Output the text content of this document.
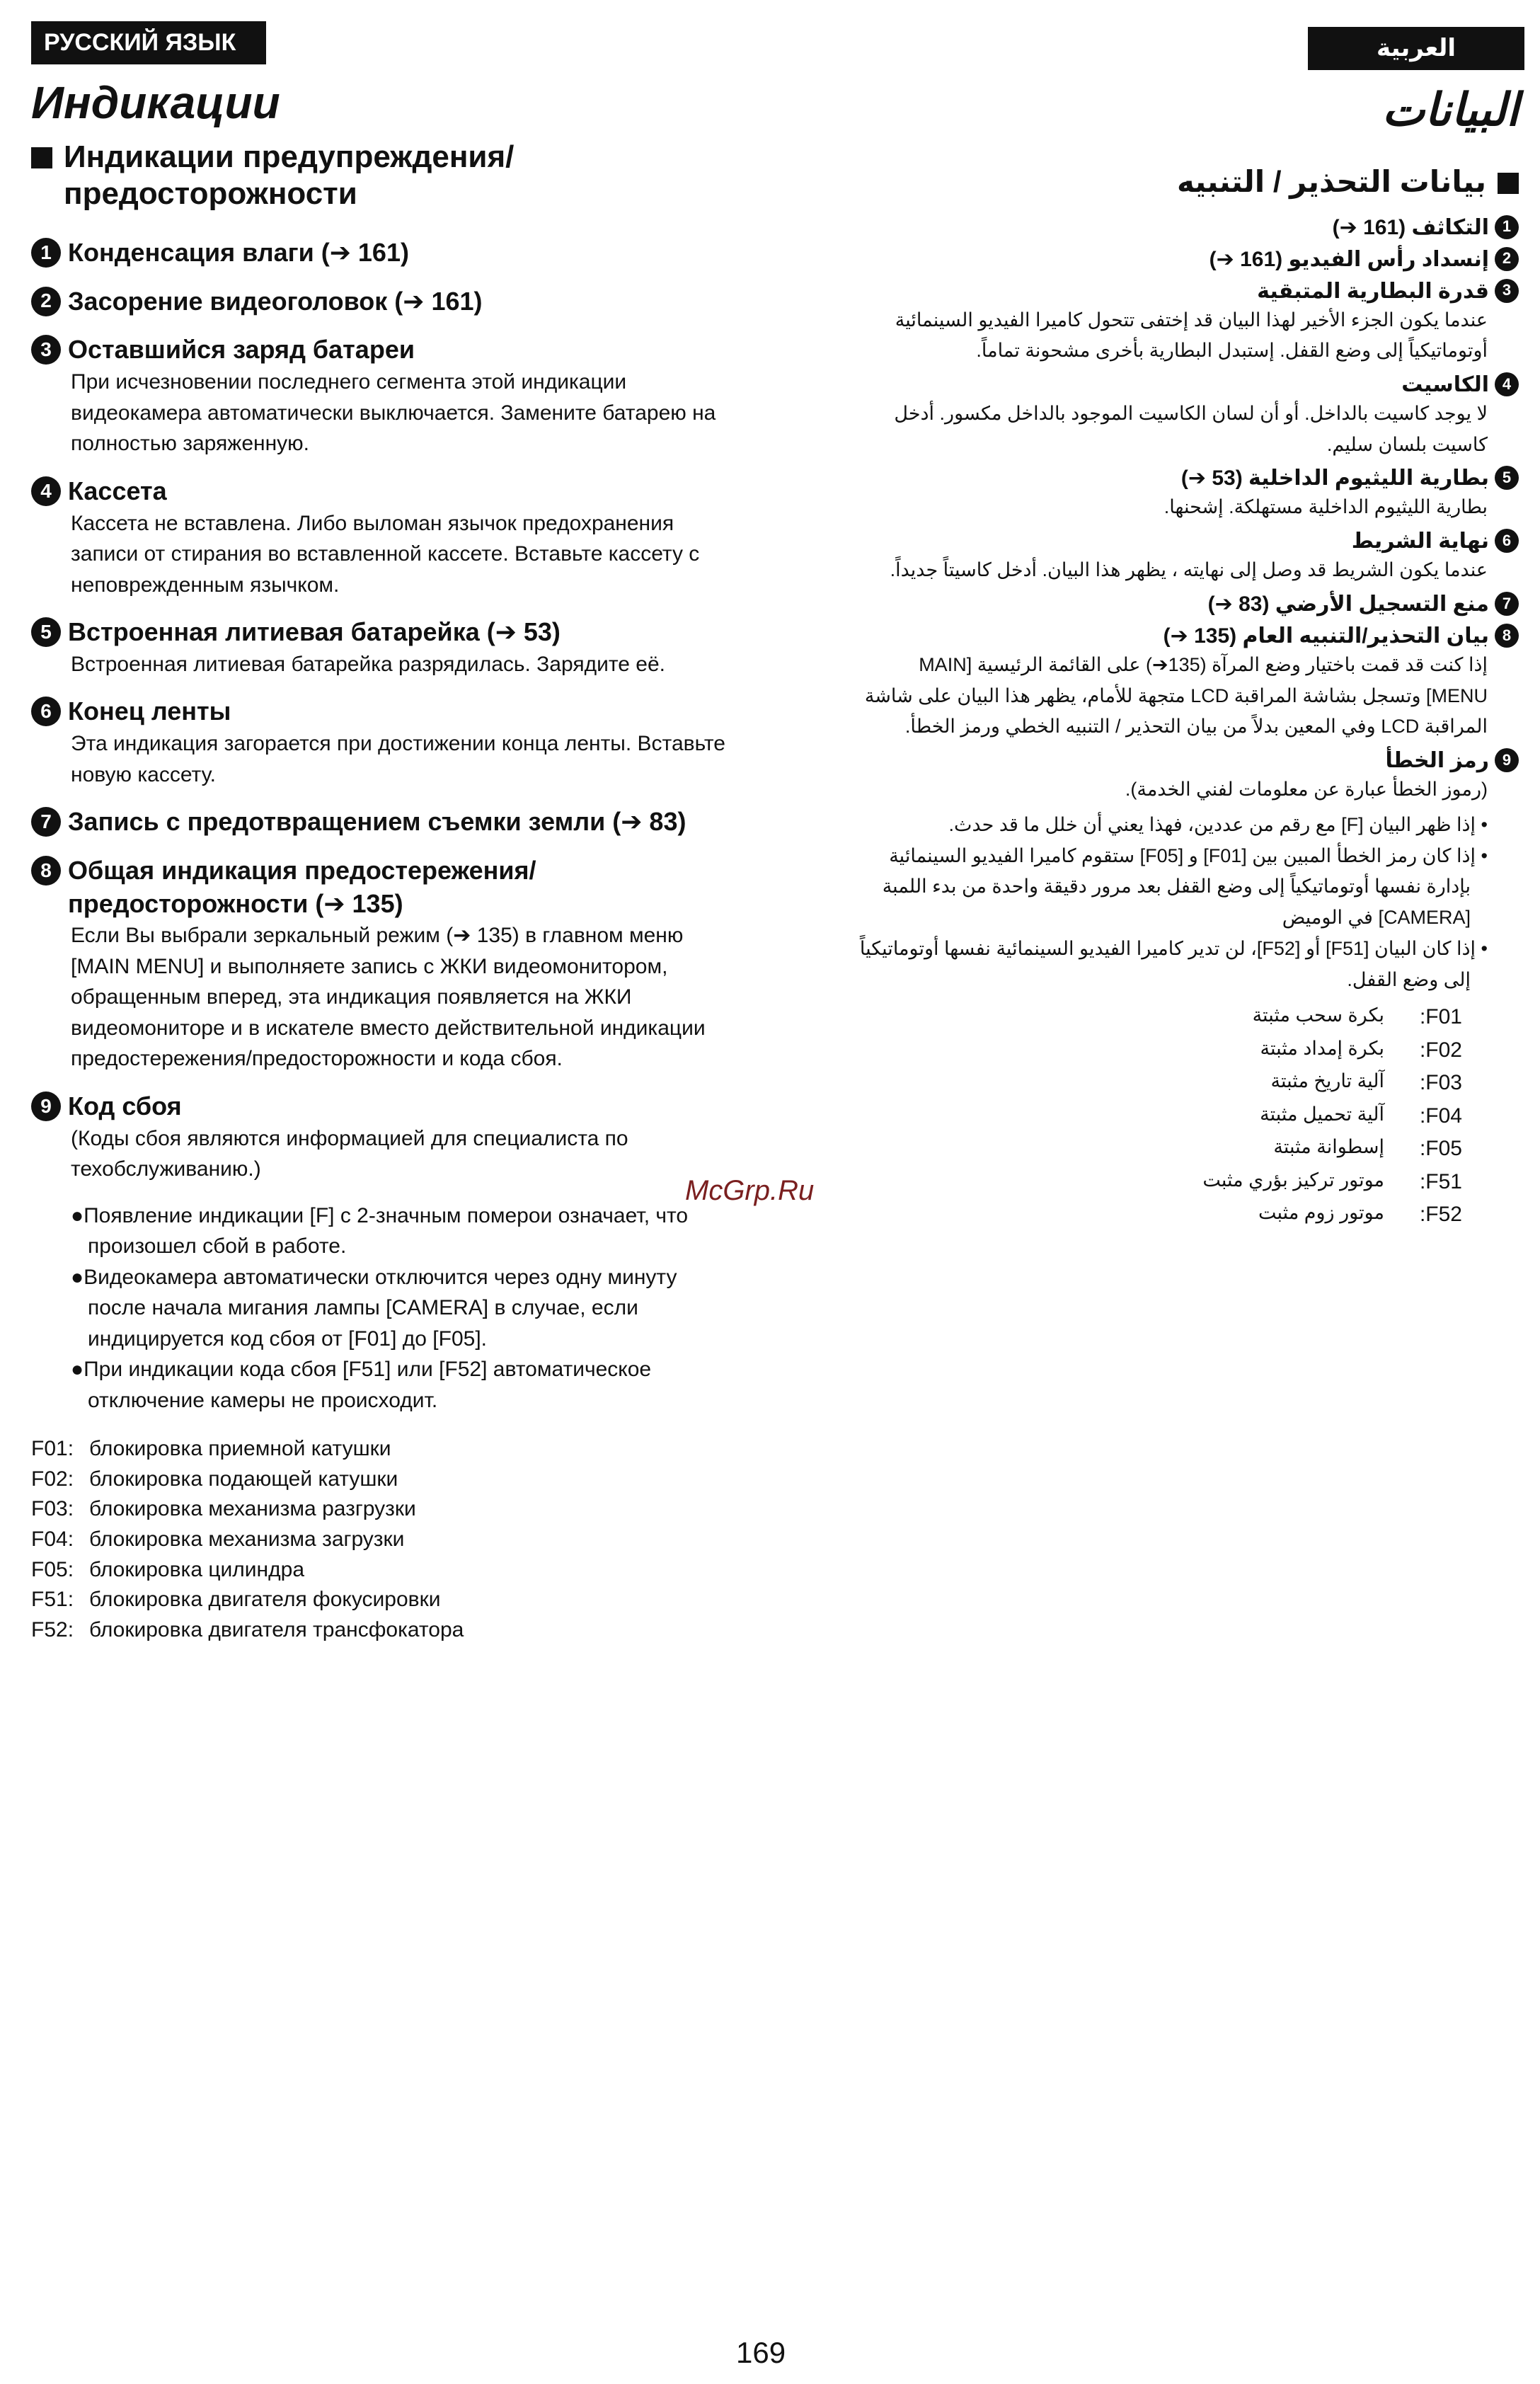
РУССКИЙ ЯЗЫК	العربية
Индикации	البيانات
Индикации предупреждения/ предосторожности
1 Конденсация влаги (➔ 161)
2 Засорение видеоголовок (➔ 161)
3 Оставшийся заряд батареи
При исчезновении последнего сегмента этой индикации видеокамера автоматически выключается. Замените батарею на полностью заряженную.
4 Кассета
Кассета не вставлена. Либо выломан язычок предохранения записи от стирания во вставленной кассете. Вставьте кассету с неповрежденным язычком.
5 Встроенная литиевая батарейка (➔ 53)
Встроенная литиевая батарейка разрядилась. Зарядите её.
6 Конец ленты
Эта индикация загорается при достижении конца ленты. Вставьте новую кассету.
7 Запись с предотвращением съемки земли (➔ 83)
8 Общая индикация предостережения/ предосторожности (➔ 135)
Если Вы выбрали зеркальный режим (➔ 135) в главном меню [MAIN MENU] и выполняете запись с ЖКИ видеомонитором, обращенным вперед, эта индикация появляется на ЖКИ видеомониторе и в искателе вместо действительной индикации предостережения/предосторожности и кода сбоя.
9 Код сбоя
(Коды сбоя являются информацией для специалиста по техобслуживанию.)
●Появление индикации [F] с 2-значным померои означает, что произошел сбой в работе.
●Видеокамера автоматически отключится через одну минуту после начала мигания лампы [CAMERA] в случае, если индицируется код сбоя от [F01] до [F05].
●При индикации кода сбоя [F51] или [F52] автоматическое отключение камеры не происходит.
F01: блокировка приемной катушки
F02: блокировка подающей катушки
F03: блокировка механизма разгрузки
F04: блокировка механизма загрузки
F05: блокировка цилиндра
F51: блокировка двигателя фокусировки
F52: блокировка двигателя трансфокатора
بيانات التحذير / التنبيه
1
التكاثف (161 ➔)
2
إنسداد رأس الفيديو (161 ➔)
3
قدرة البطارية المتبقية
عندما يكون الجزء الأخير لهذا البيان قد إختفى تتحول كاميرا الفيديو السينمائية أوتوماتيكياً إلى وضع القفل. إستبدل البطارية بأخرى مشحونة تماماً.
4
الكاسيت
لا يوجد كاسيت بالداخل. أو أن لسان الكاسيت الموجود بالداخل مكسور. أدخل كاسيت بلسان سليم.
5
بطارية الليثيوم الداخلية (53 ➔)
بطارية الليثيوم الداخلية مستهلكة. إشحنها.
6
نهاية الشريط
عندما يكون الشريط قد وصل إلى نهايته ، يظهر هذا البيان. أدخل كاسيتاً جديداً.
7
منع التسجيل الأرضي (83 ➔)
8
بيان التحذير/التنبيه العام (135 ➔)
إذا كنت قد قمت باختيار وضع المرآة (135➔) على القائمة الرئيسية [MAIN MENU] وتسجل بشاشة المراقبة LCD متجهة للأمام، يظهر هذا البيان على شاشة المراقبة LCD وفي المعين بدلاً من بيان التحذير / التنبيه الخطي ورمز الخطأ.
9
رمز الخطأ
(رموز الخطأ عبارة عن معلومات لفني الخدمة).
• إذا ظهر البيان [F] مع رقم من عددين، فهذا يعني أن خلل ما قد حدث.
• إذا كان رمز الخطأ المبين بين [F01] و [F05] ستقوم كاميرا الفيديو السينمائية بإدارة نفسها أوتوماتيكياً إلى وضع القفل بعد مرور دقيقة واحدة من بدء اللمبة [CAMERA] في الوميض
• إذا كان البيان [F51] أو [F52]، لن تدير كاميرا الفيديو السينمائية نفسها أوتوماتيكياً إلى وضع القفل.
F01:
بكرة سحب مثبتة
F02:
بكرة إمداد مثبتة
F03:
آلية تاريخ مثبتة
F04:
آلية تحميل مثبتة
F05:
إسطوانة مثبتة
F51:
موتور تركيز بؤري مثبت
F52:
موتور زوم مثبت
McGrp.Ru
169
